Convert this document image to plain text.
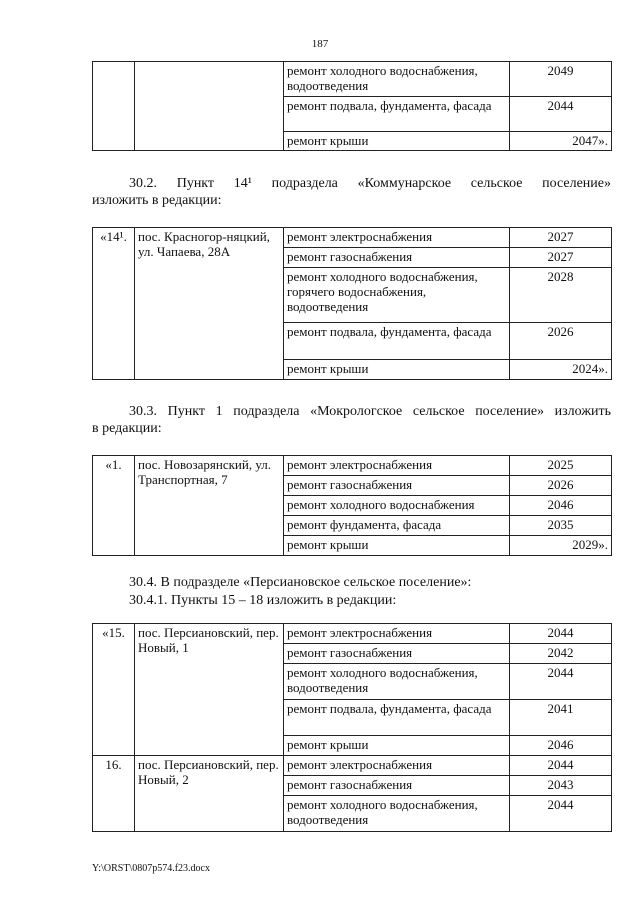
187
		ремонт холодного водоснабжения, водоотведения	2049
		ремонт подвала, фундамента, фасада	2044
		ремонт крыши	2047».
30.2. Пункт 14¹ подраздела «Коммунарское сельское поселение»
изложить в редакции:
«14¹.	пос. Красногор-няцкий, ул. Чапаева, 28А	ремонт электроснабжения	2027
		ремонт газоснабжения	2027
		ремонт холодного водоснабжения, горячего водоснабжения, водоотведения	2028
		ремонт подвала, фундамента, фасада	2026
		ремонт крыши	2024».
30.3. Пункт 1 подраздела «Мокрологское сельское поселение» изложить
в редакции:
«1.	пос. Новозарянский, ул. Транспортная, 7	ремонт электроснабжения	2025
		ремонт газоснабжения	2026
		ремонт холодного водоснабжения	2046
		ремонт фундамента, фасада	2035
		ремонт крыши	2029».
30.4. В подразделе «Персиановское сельское поселение»:
30.4.1. Пункты 15 – 18 изложить в редакции:
«15.	пос. Персиановский, пер. Новый, 1	ремонт электроснабжения	2044
		ремонт газоснабжения	2042
		ремонт холодного водоснабжения, водоотведения	2044
		ремонт подвала, фундамента, фасада	2041
		ремонт крыши	2046
16.	пос. Персиановский, пер. Новый, 2	ремонт электроснабжения	2044
		ремонт газоснабжения	2043
		ремонт холодного водоснабжения, водоотведения	2044
Y:\ORST\0807p574.f23.docx
